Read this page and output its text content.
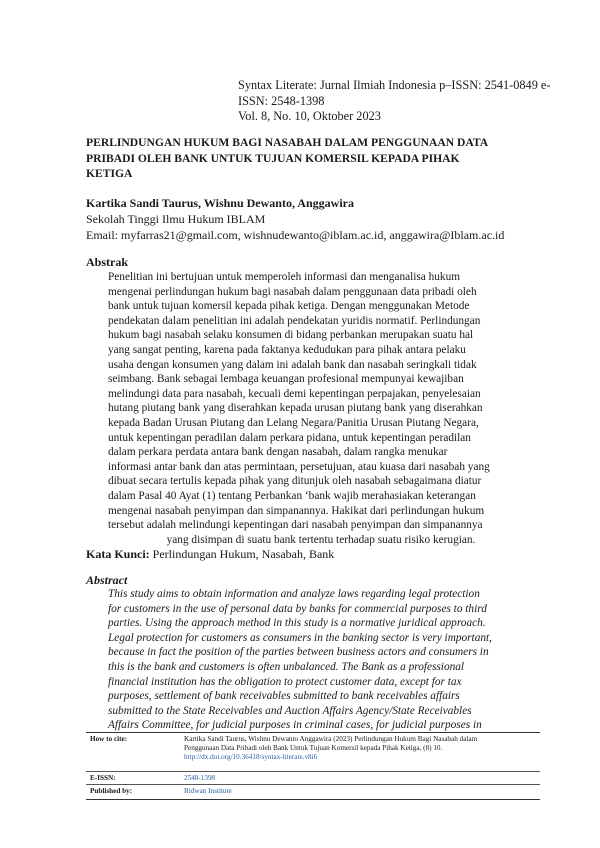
Syntax Literate: Jurnal Ilmiah Indonesia p–ISSN: 2541-0849 e-
ISSN: 2548-1398
Vol. 8, No. 10, Oktober 2023
PERLINDUNGAN HUKUM BAGI NASABAH DALAM PENGGUNAAN DATA
PRIBADI OLEH BANK UNTUK TUJUAN KOMERSIL KEPADA PIHAK
KETIGA
Kartika Sandi Taurus, Wishnu Dewanto, Anggawira
Sekolah Tinggi Ilmu Hukum IBLAM
Email: myfarras21@gmail.com, wishnudewanto@iblam.ac.id, anggawira@Iblam.ac.id
Abstrak
Penelitian ini bertujuan untuk memperoleh informasi dan menganalisa hukum
mengenai perlindungan hukum bagi nasabah dalam penggunaan data pribadi oleh
bank untuk tujuan komersil kepada pihak ketiga. Dengan menggunakan Metode
pendekatan dalam penelitian ini adalah pendekatan yuridis normatif. Perlindungan
hukum bagi nasabah selaku konsumen di bidang perbankan merupakan suatu hal
yang sangat penting, karena pada faktanya kedudukan para pihak antara pelaku
usaha dengan konsumen yang dalam ini adalah bank dan nasabah seringkali tidak
seimbang. Bank sebagai lembaga keuangan profesional mempunyai kewajiban
melindungi data para nasabah, kecuali demi kepentingan perpajakan, penyelesaian
hutang piutang bank yang diserahkan kepada urusan piutang bank yang diserahkan
kepada Badan Urusan Piutang dan Lelang Negara/Panitia Urusan Piutang Negara,
untuk kepentingan peradilan dalam perkara pidana, untuk kepentingan peradilan
dalam perkara perdata antara bank dengan nasabah, dalam rangka menukar
informasi antar bank dan atas permintaan, persetujuan, atau kuasa dari nasabah yang
dibuat secara tertulis kepada pihak yang ditunjuk oleh nasabah sebagaimana diatur
dalam Pasal 40 Ayat (1) tentang Perbankan ‘bank wajib merahasiakan keterangan
mengenai nasabah penyimpan dan simpanannya. Hakikat dari perlindungan hukum
tersebut adalah melindungi kepentingan dari nasabah penyimpan dan simpanannya
yang disimpan di suatu bank tertentu terhadap suatu risiko kerugian.
Kata Kunci: Perlindungan Hukum, Nasabah, Bank
Abstract
This study aims to obtain information and analyze laws regarding legal protection
for customers in the use of personal data by banks for commercial purposes to third
parties. Using the approach method in this study is a normative juridical approach.
Legal protection for customers as consumers in the banking sector is very important,
because in fact the position of the parties between business actors and consumers in
this is the bank and customers is often unbalanced. The Bank as a professional
financial institution has the obligation to protect customer data, except for tax
purposes, settlement of bank receivables submitted to bank receivables affairs
submitted to the State Receivables and Auction Affairs Agency/State Receivables
Affairs Committee, for judicial purposes in criminal cases, for judicial purposes in
How to cite:	Kartika Sandi Taurus, Wishnu Dewanto Anggawira (2023) Perlindungan Hukum Bagi Nasabah dalam
Penggunaan Data Pribadi oleh Bank Untuk Tujuan Komersil kepada Pihak Ketiga, (8) 10.
http://dx.doi.org/10.36418/syntax-literate.v8i6
E-ISSN:	2548-1398
Published by:	Ridwan Institute
